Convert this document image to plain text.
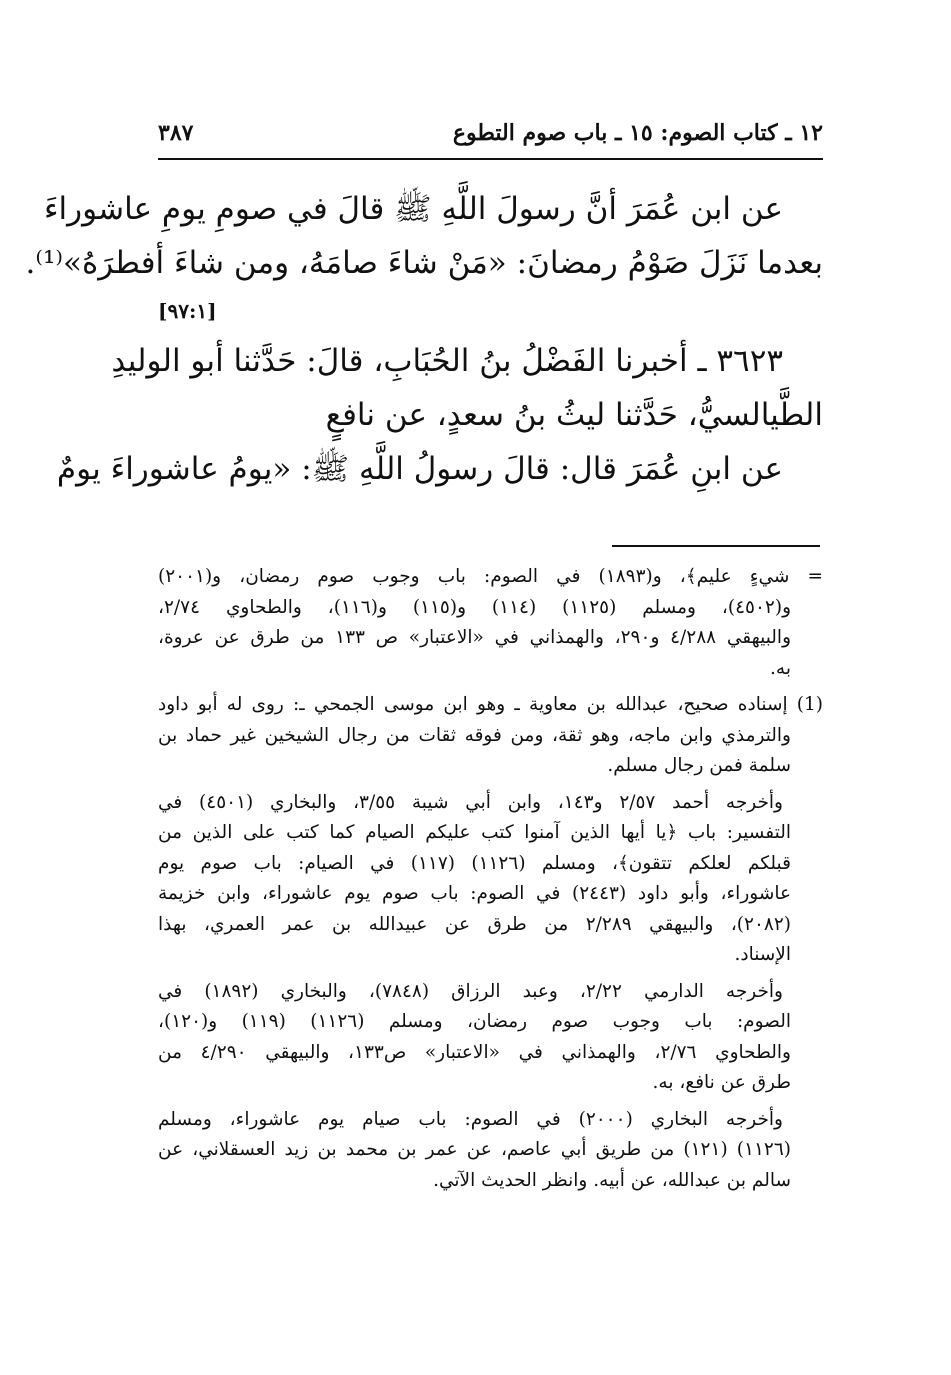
١٢ ـ كتاب الصوم: ١٥ ـ باب صوم التطوع
٣٨٧
عن ابن عُمَرَ أنَّ رسولَ اللَّهِ ﷺ قالَ في صومِ يومِ عاشوراءَ
بعدما نَزَلَ صَوْمُ رمضانَ: «مَنْ شاءَ صامَهُ، ومن شاءَ أفطرَهُ»⁽¹⁾.
[٩٧:١]
٣٦٢٣ ـ أخبرنا الفَضْلُ بنُ الحُبَابِ، قالَ: حَدَّثنا أبو الوليدِ
الطَّيالسيُّ، حَدَّثنا ليثُ بنُ سعدٍ، عن نافعٍ
عن ابنِ عُمَرَ قال: قالَ رسولُ اللَّهِ ﷺ: «يومُ عاشوراءَ يومٌ
= شيءٍ عليم﴾، و(١٨٩٣) في الصوم: باب وجوب صوم رمضان، و(٢٠٠١)
و(٤٥٠٢)، ومسلم (١١٢٥) (١١٤) و(١١٥) و(١١٦)، والطحاوي ٢/٧٤،
والبيهقي ٤/٢٨٨ و٢٩٠، والهمذاني في «الاعتبار» ص ١٣٣ من طرق عن عروة،
به.
(1) إسناده صحيح، عبدالله بن معاوية ـ وهو ابن موسى الجمحي ـ: روى له أبو داود
والترمذي وابن ماجه، وهو ثقة، ومن فوقه ثقات من رجال الشيخين غير حماد بن
سلمة فمن رجال مسلم.
وأخرجه أحمد ٢/٥٧ و١٤٣، وابن أبي شيبة ٣/٥٥، والبخاري (٤٥٠١) في
التفسير: باب ﴿يا أيها الذين آمنوا كتب عليكم الصيام كما كتب على الذين من
قبلكم لعلكم تتقون﴾، ومسلم (١١٢٦) (١١٧) في الصيام: باب صوم يوم
عاشوراء، وأبو داود (٢٤٤٣) في الصوم: باب صوم يوم عاشوراء، وابن خزيمة
(٢٠٨٢)، والبيهقي ٢/٢٨٩ من طرق عن عبيدالله بن عمر العمري، بهذا
الإسناد.
وأخرجه الدارمي ٢/٢٢، وعبد الرزاق (٧٨٤٨)، والبخاري (١٨٩٢) في
الصوم: باب وجوب صوم رمضان، ومسلم (١١٢٦) (١١٩) و(١٢٠)،
والطحاوي ٢/٧٦، والهمذاني في «الاعتبار» ص١٣٣، والبيهقي ٤/٢٩٠ من
طرق عن نافع، به.
وأخرجه البخاري (٢٠٠٠) في الصوم: باب صيام يوم عاشوراء، ومسلم
(١١٢٦) (١٢١) من طريق أبي عاصم، عن عمر بن محمد بن زيد العسقلاني، عن
سالم بن عبدالله، عن أبيه. وانظر الحديث الآتي.
